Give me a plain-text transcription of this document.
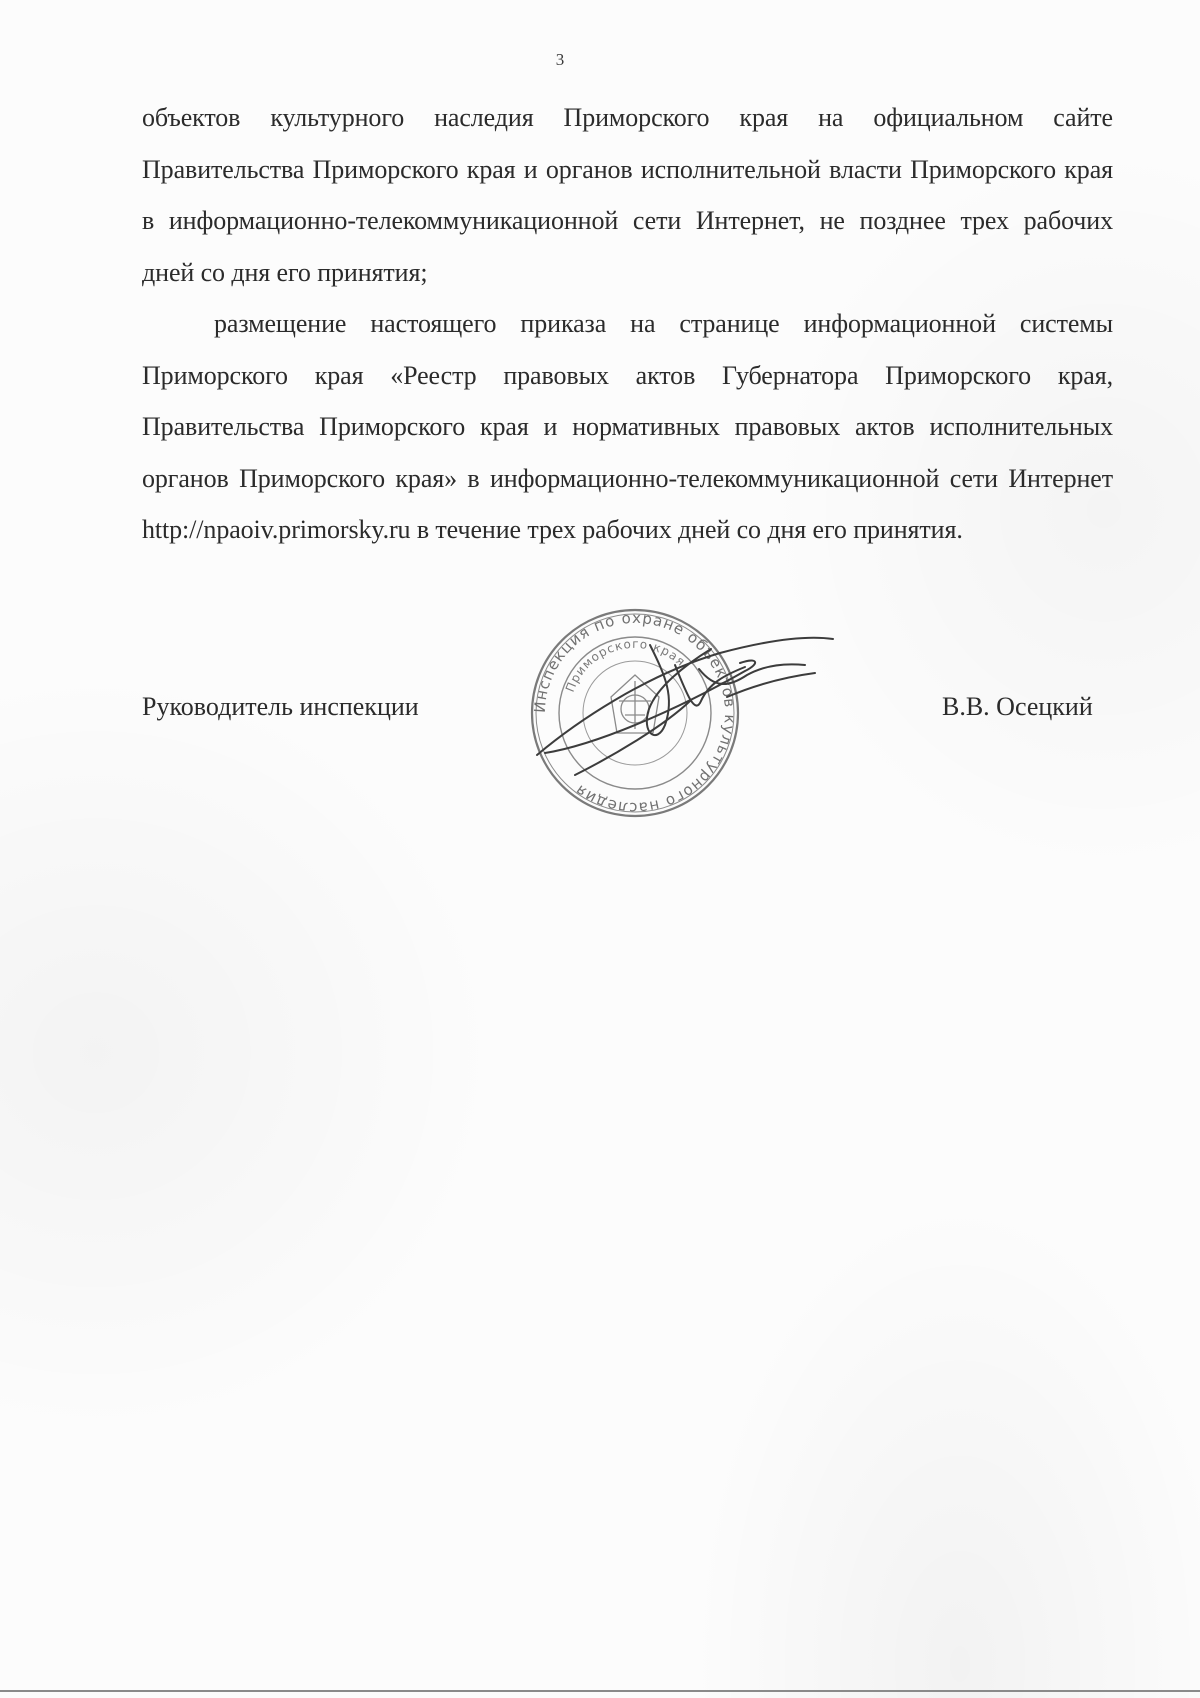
3

объектов культурного наследия Приморского края на официальном сайте Правительства Приморского края и органов исполнительной власти Приморского края в информационно-телекоммуникационной сети Интернет, не позднее трех рабочих дней со дня его принятия;

размещение настоящего приказа на странице информационной системы Приморского края «Реестр правовых актов Губернатора Приморского края, Правительства Приморского края и нормативных правовых актов исполнительных органов Приморского края» в информационно-телекоммуникационной сети Интернет http://npaoiv.primorsky.ru в течение трех рабочих дней со дня его принятия.

Руководитель инспекции	Инспекция по охране объектов культурного наследия
Приморского края
В.В. Осецкий
